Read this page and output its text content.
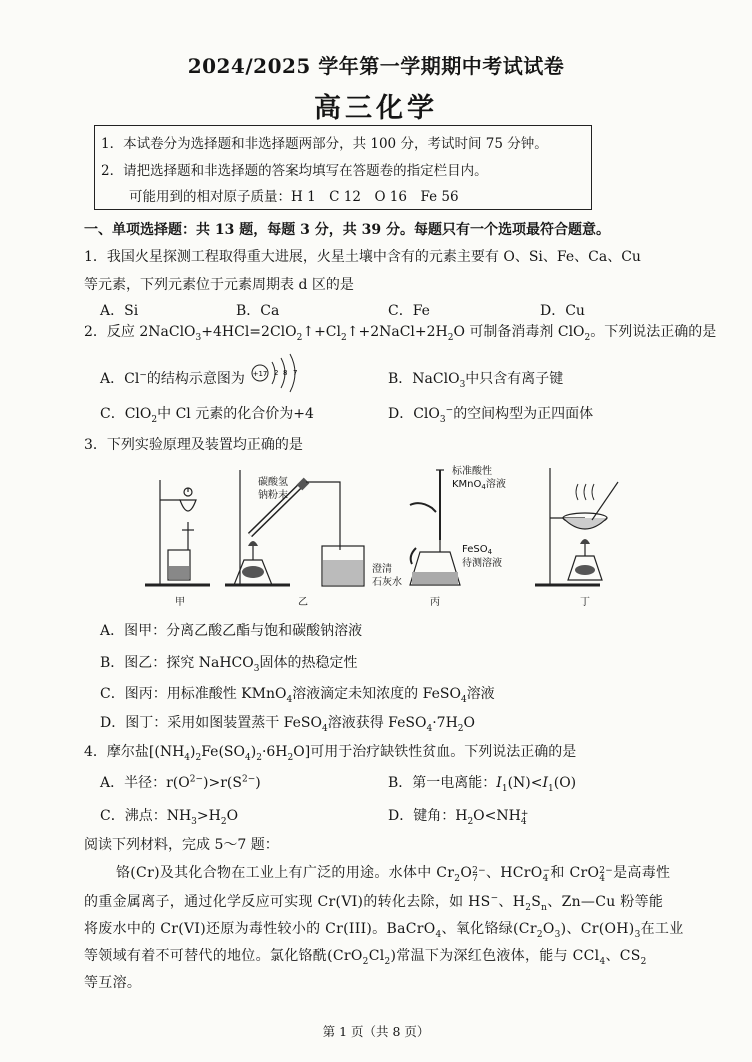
2024/2025 学年第一学期期中考试试卷
高三化学
1．本试卷分为选择题和非选择题两部分，共 100 分，考试时间 75 分钟。
2．请把选择题和非选择题的答案均填写在答题卷的指定栏目内。
可能用到的相对原子质量：H 1　C 12　O 16　Fe 56
一、单项选择题：共 13 题，每题 3 分，共 39 分。每题只有一个选项最符合题意。
1．我国火星探测工程取得重大进展，火星土壤中含有的元素主要有 O、Si、Fe、Ca、Cu
等元素，下列元素位于元素周期表 d 区的是
A．Si	B．Ca	C．Fe	D．Cu
2．反应 $2NaClO_3+4HCl=2ClO_2↑+Cl_2↑+2NaCl+2H_2O$ 可制备消毒剂 ClO$_2$。下列说法正确的是
A．Cl−的结构示意图为 +17 2 8 7	B．NaClO$_3$中只含有离子键
C．ClO$_2$中 Cl 元素的化合价为+4	D．ClO$_3$−的空间构型为正四面体
3．下列实验原理及装置均正确的是
碳酸氢
钠粉末
澄清
石灰水
标准酸性
KMnO$_4$溶液
FeSO$_4$
待测溶液
甲	乙	丙	丁
A．图甲：分离乙酸乙酯与饱和碳酸钠溶液
B．图乙：探究 NaHCO$_3$固体的热稳定性
C．图丙：用标准酸性 KMnO$_4$溶液滴定未知浓度的 FeSO$_4$溶液
D．图丁：采用如图装置蒸干 FeSO$_4$溶液获得 $FeSO_4\cdot 7H_2O$
4．摩尔盐$[(NH_4)_2Fe(SO_4)_2\cdot 6H_2O]$可用于治疗缺铁性贫血。下列说法正确的是
A．半径：$r(O^{2-})>r(S^{2-})$	B．第一电离能：$I_1(N)<I_1(O)$
C．沸点：$NH_3>H_2O$	D．键角：$H_2O<NH+$
4
阅读下列材料，完成 5～7 题：
铬(Cr)及其化合物在工业上有广泛的用途。水体中 $Cr_2O2-$
7 、HCrO−
4 和 CrO2−
4 是高毒性
的重金属离子，通过化学反应可实现 Cr(VI)的转化去除，如 HS−、$H_2S_n$、Zn—Cu 粉等能
将废水中的 Cr(VI)还原为毒性较小的 Cr(III)。BaCrO$_4$、氧化铬绿$(Cr_2O_3)$、$Cr(OH)_3$在工业
等领域有着不可替代的地位。氯化铬酰$(CrO_2Cl_2)$常温下为深红色液体，能与 CCl$_4$、$CS_2$
等互溶。
第 1 页（共 8 页）
